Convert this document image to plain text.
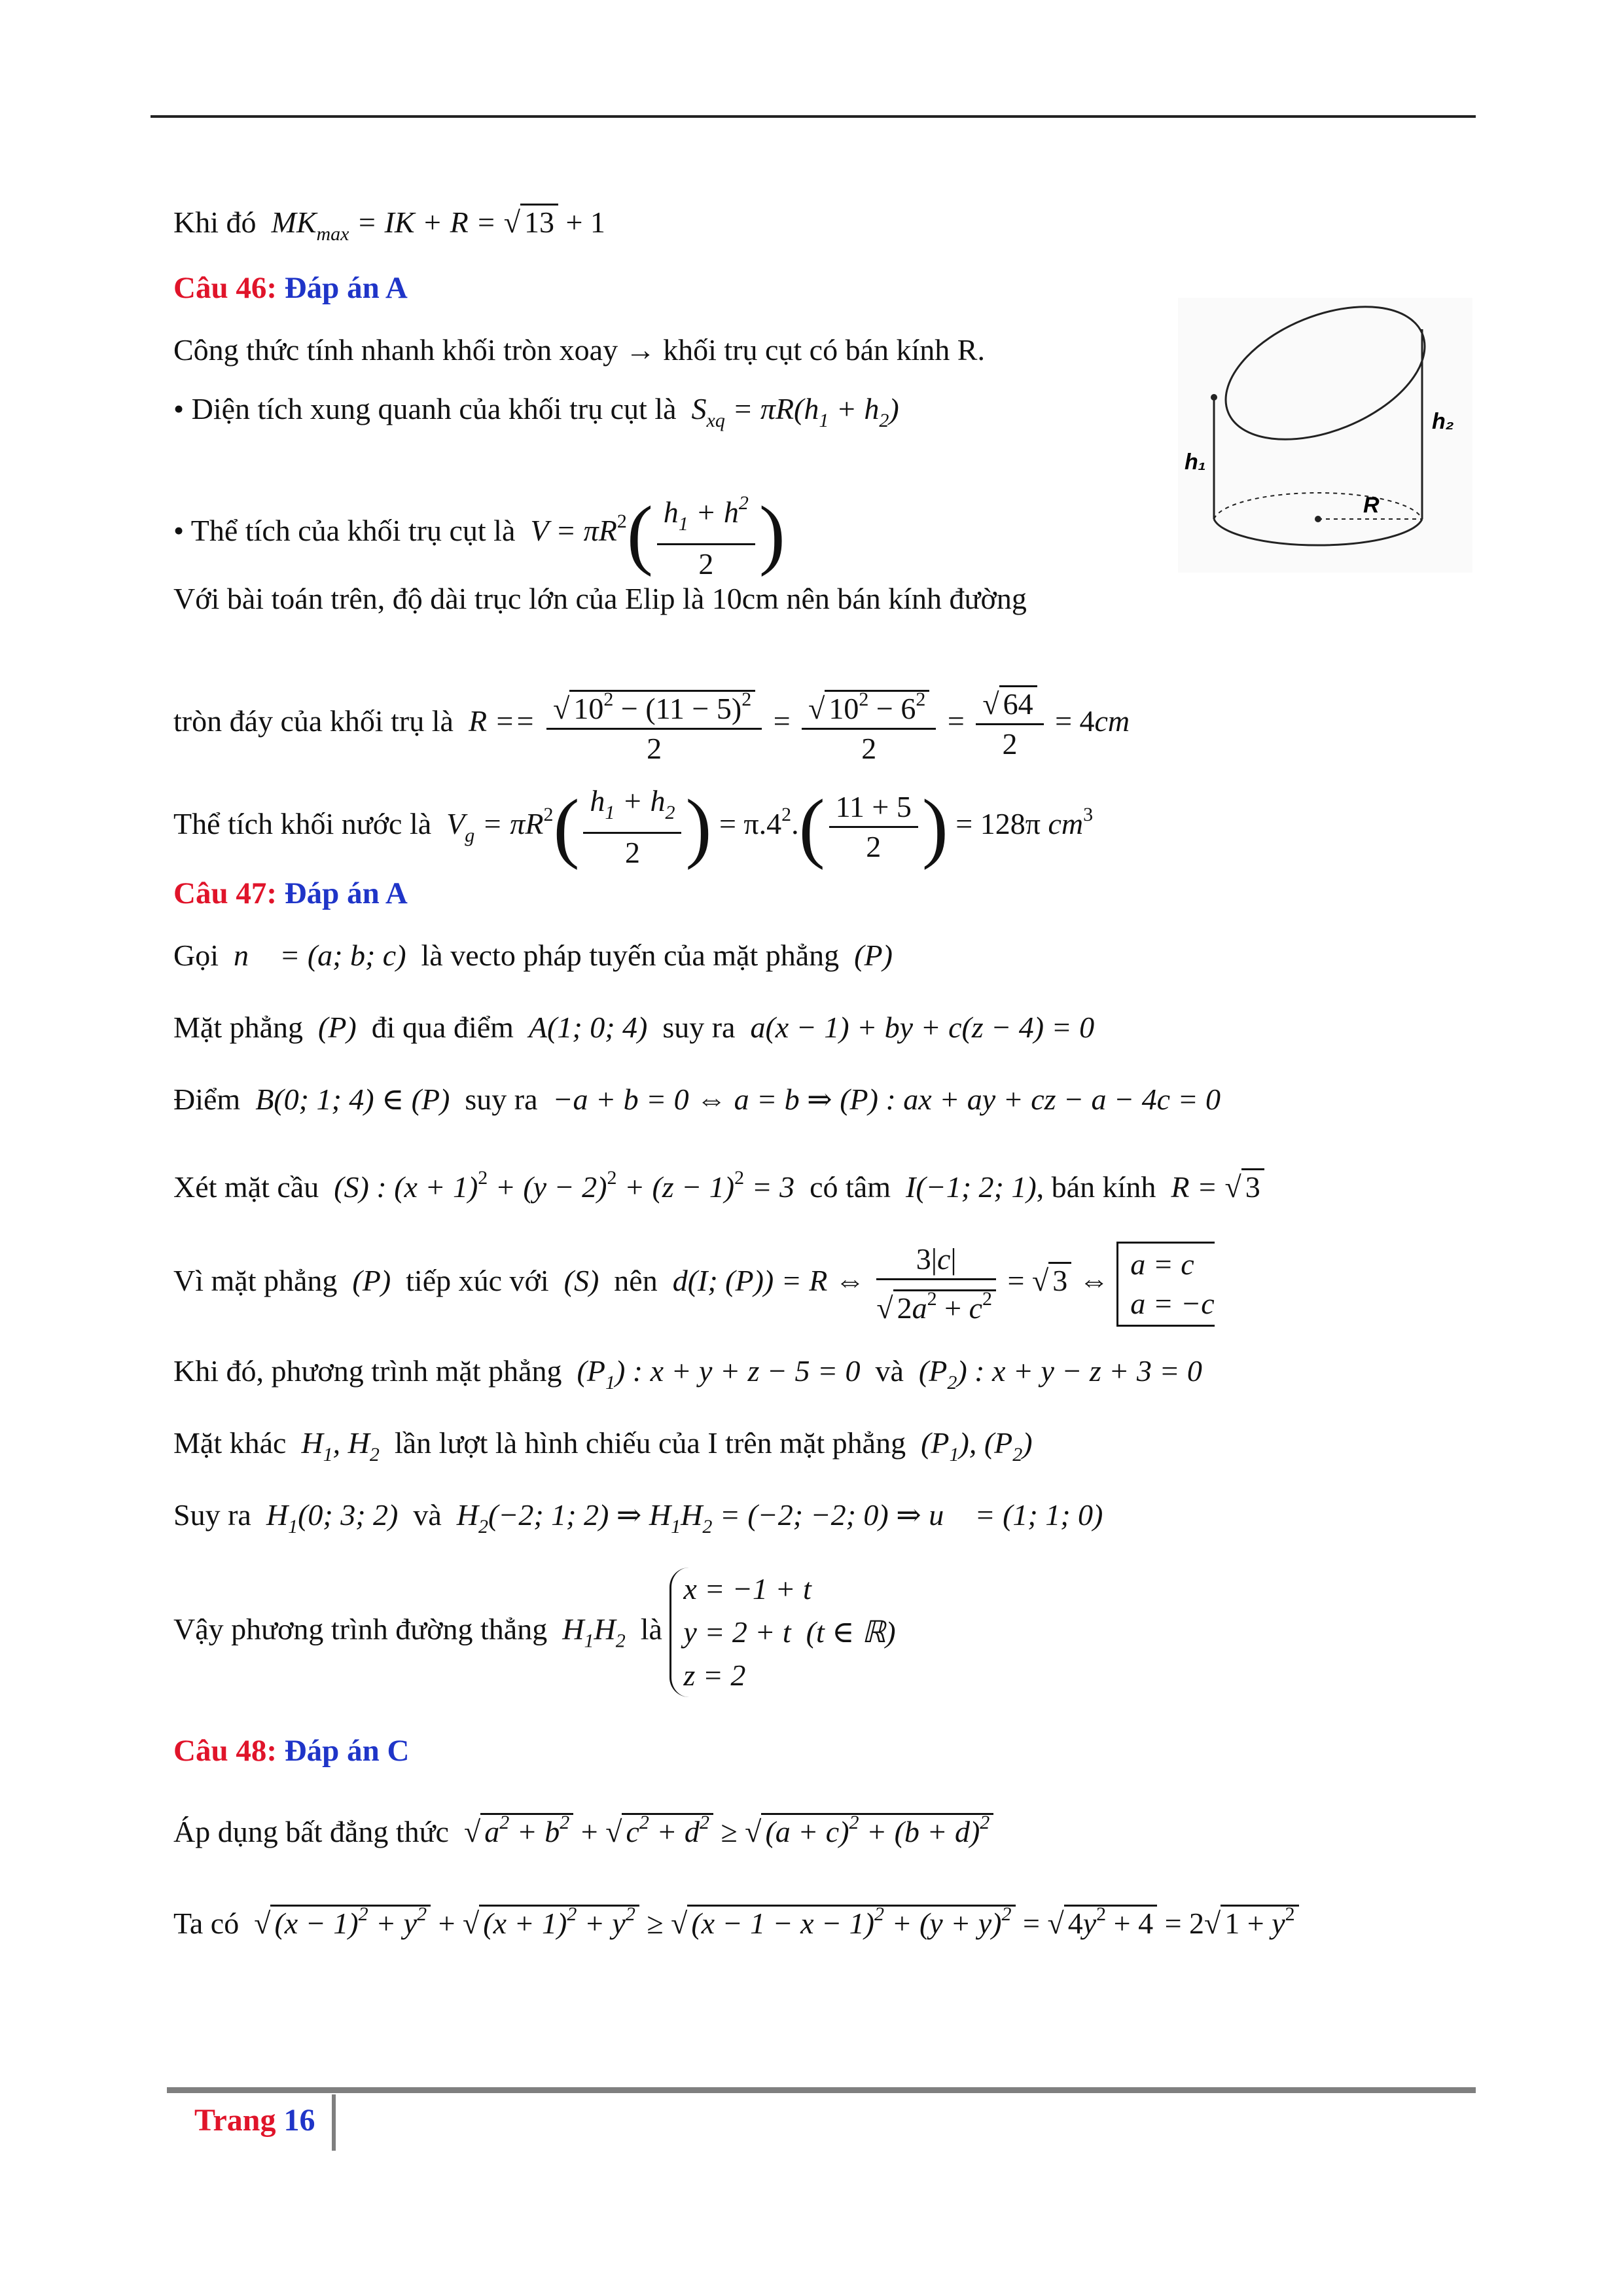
Khi đó  $MK_{max}$ = IK + R = √ 13 + 1
Câu 46: Đáp án A
Công thức tính nhanh khối tròn xoay → khối trụ cụt có bán kính R.
• Diện tích xung quanh của khối trụ cụt là  $S_{xq} = \pi R(h_1 + h_2)$
• Thể tích của khối trụ cụt là  $V = \pi R^2( \frac{h_1 + h^2}{2}$ )
Với bài toán trên, độ dài trục lớn của Elip là 10cm nên bán kính đường
tròn đáy của khối trụ là  $R == \frac{√ 10^2 - (11 - 5)^2}{2} = \frac{√ 10^2 - 6^2}{2} = \frac{√ 64}{2} = 4cm$
Thể tích khối nước là  $V_g = \pi R^2( \frac{h_1 + h_2}{2}$ ) = $\pi.4^2.( \frac{11 + 5}{2}$ ) = 128π $cm^3$
h₁
h₂
R
Câu 47: Đáp án A
Gọi  n⃗ = (a; b; c)  là vecto pháp tuyến của mặt phẳng  (P)
Mặt phẳng  (P)  đi qua điểm  A(1; 0; 4)  suy ra  a(x − 1) + by + c(z − 4) = 0
Điểm  B(0; 1; 4) ∈ (P)  suy ra  −a + b = 0 ⇔ a = b ⇒ (P) : ax + ay + cz − a − 4c = 0
Xét mặt cầu  (S) : $(x + 1)^2 + (y - 2)^2 + (z - 1)^2 = 3$  có tâm  I(−1; 2; 1), bán kính  R = √ 3
Vì mặt phẳng  (P)  tiếp xúc với  (S)  nên  d(I; (P)) = R ⇔ $\frac{3|c|}{√ 2a^2 + c^2}$ = √ 3 ⇔
a = c
a = −c
Khi đó, phương trình mặt phẳng  $(P_1)$ : x + y + z − 5 = 0  và  $(P_2)$ : x + y − z + 3 = 0
Mặt khác  $H_1$, $H_2$ lần lượt là hình chiếu của I trên mặt phẳng  $(P_1)$, $(P_2)$
Suy ra  $H_1(0$; 3; 2)  và  $H_2(-2$; 1; 2) ⇒ $H_1H_2 = (-2$; −2; 0) ⇒ u⃗ = (1; 1; 0)
Vậy phương trình đường thẳng  $H_1H_2$ là
x = −1 + t
y = 2 + t  (t ∈ ℝ)
z = 2
Câu 48: Đáp án C
Áp dụng bất đẳng thức  √ $a^2 + b^2$ + √ $c^2 + d^2$ ≥ √ $(a + c)^2 + (b + d)^2$
Ta có  √ $(x - 1)^2 + y^2$ + √ $(x + 1)^2 + y^2$ ≥ √ $(x - 1 - x - 1)^2 + (y + y)^2$ = √ $4y^2 + 4 = 2√$ $1 + y^2$
Trang 16
